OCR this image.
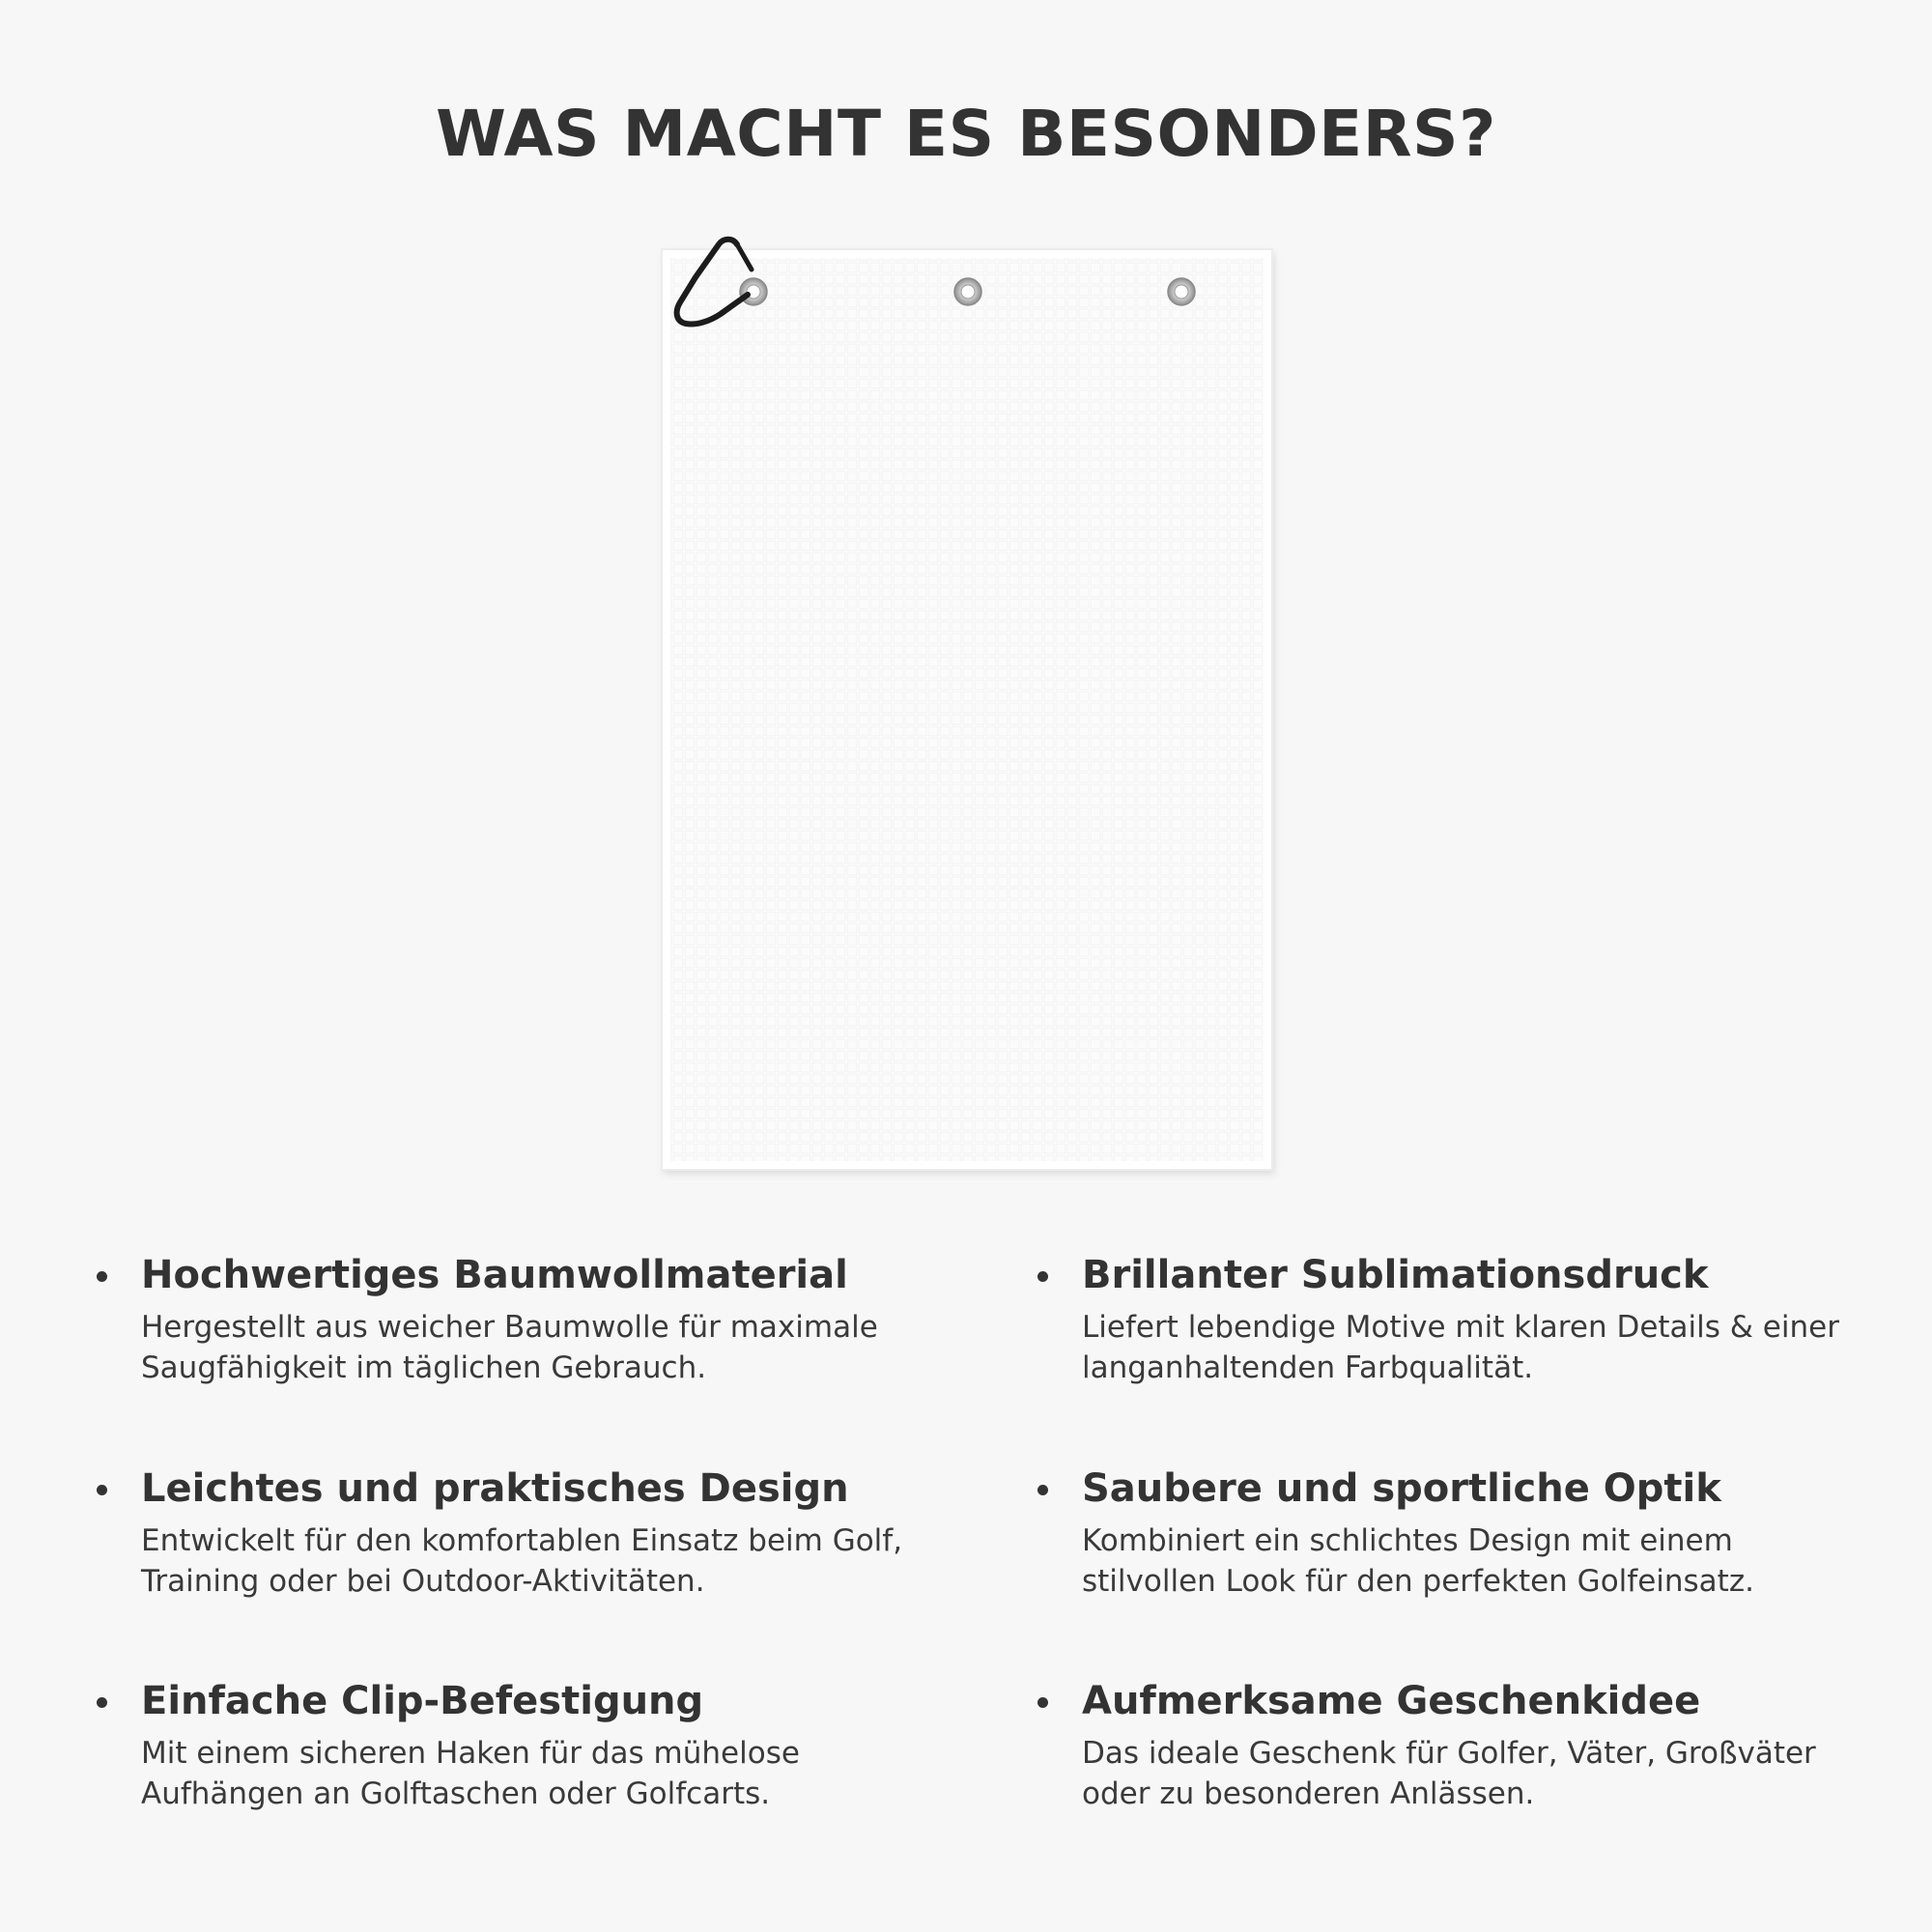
WAS MACHT ES BESONDERS?
Hochwertiges Baumwollmaterial

Hergestellt aus weicher Baumwolle für maximale Saugfähigkeit im täglichen Gebrauch.

Brillanter Sublimationsdruck

Liefert lebendige Motive mit klaren Details & einer langanhaltenden Farbqualität.

Leichtes und praktisches Design

Entwickelt für den komfortablen Einsatz beim Golf, Training oder bei Outdoor-Aktivitäten.

Saubere und sportliche Optik

Kombiniert ein schlichtes Design mit einem stilvollen Look für den perfekten Golfeinsatz.

Einfache Clip-Befestigung

Mit einem sicheren Haken für das mühelose Aufhängen an Golftaschen oder Golfcarts.

Aufmerksame Geschenkidee

Das ideale Geschenk für Golfer, Väter, Großväter oder zu besonderen Anlässen.
